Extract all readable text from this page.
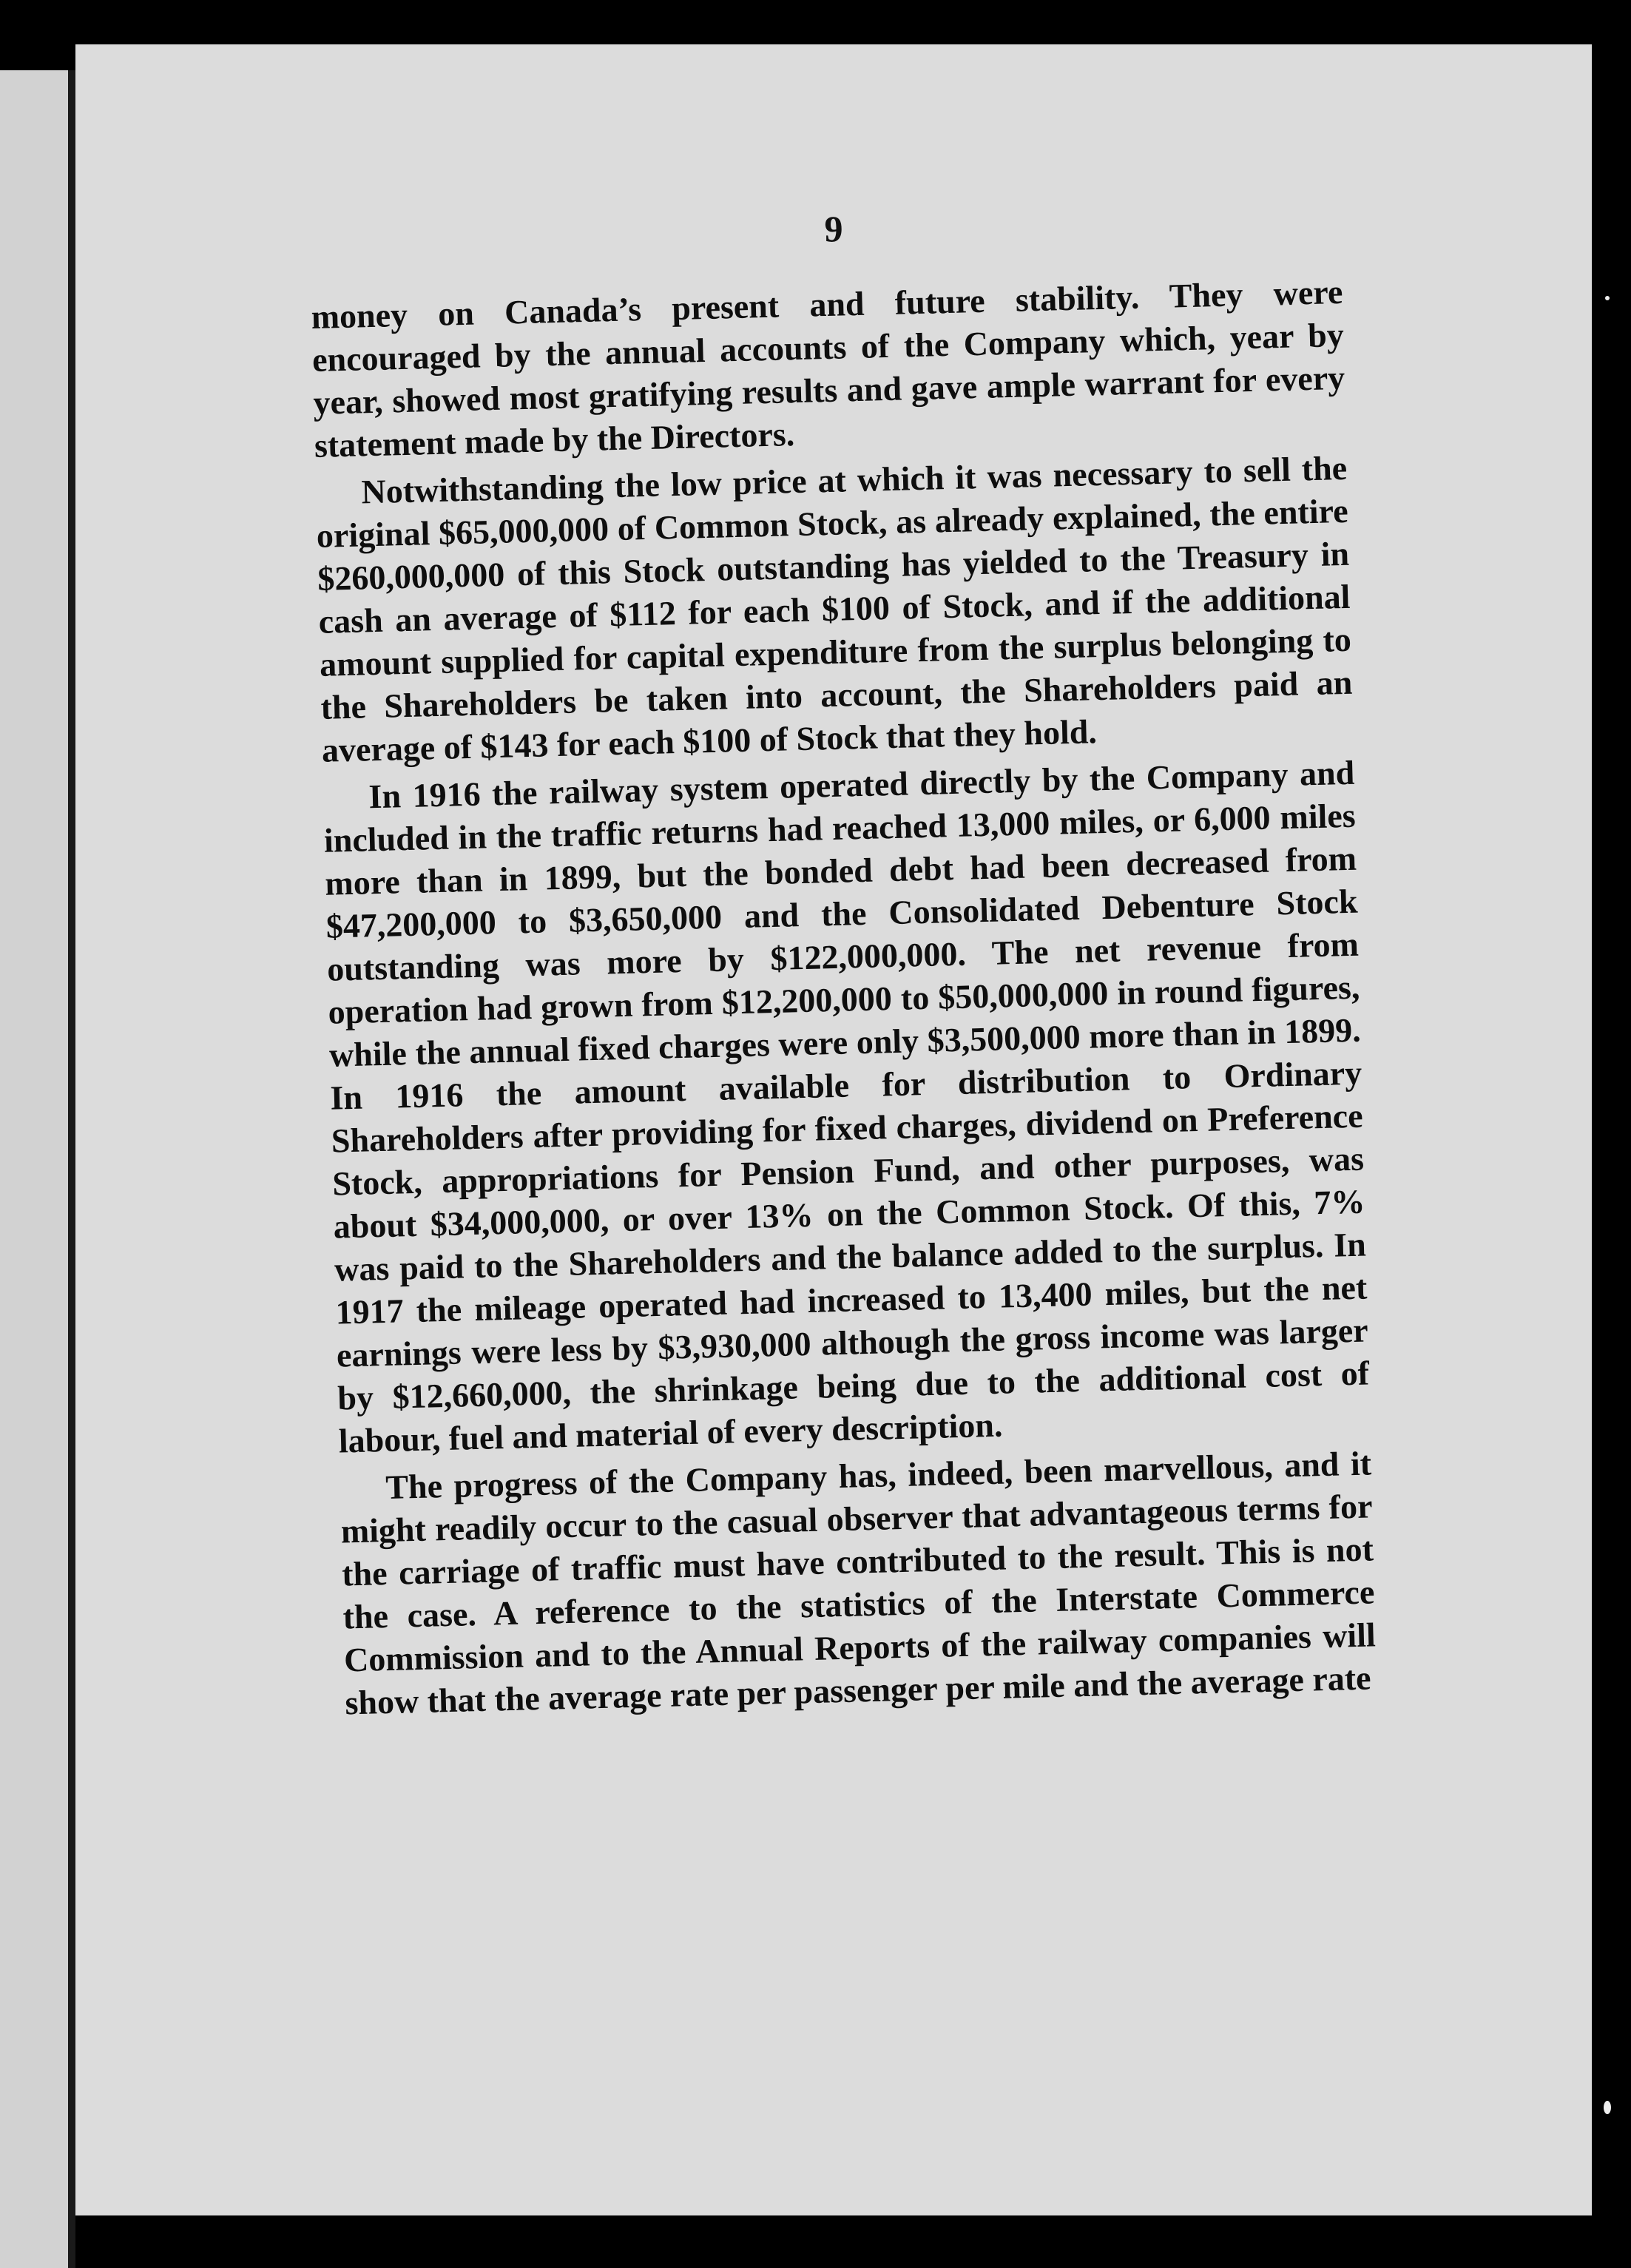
9

money on Canada’s present and future stability. They were encouraged by the annual accounts of the Company which, year by year, showed most gratifying results and gave ample warrant for every statement made by the Directors.

Notwithstanding the low price at which it was necessary to sell the original $65,000,000 of Common Stock, as already explained, the entire $260,000,000 of this Stock outstanding has yielded to the Treasury in cash an average of $112 for each $100 of Stock, and if the additional amount supplied for capital expenditure from the surplus belonging to the Shareholders be taken into account, the Shareholders paid an average of $143 for each $100 of Stock that they hold.

In 1916 the railway system operated directly by the Company and included in the traffic returns had reached 13,000 miles, or 6,000 miles more than in 1899, but the bonded debt had been decreased from $47,200,000 to $3,650,000 and the Consolidated Debenture Stock outstanding was more by $122,000,000. The net revenue from operation had grown from $12,200,000 to $50,000,000 in round figures, while the annual fixed charges were only $3,500,000 more than in 1899. In 1916 the amount available for distribution to Ordinary Shareholders after providing for fixed charges, dividend on Preference Stock, appropriations for Pension Fund, and other purposes, was about $34,000,000, or over 13% on the Common Stock. Of this, 7% was paid to the Shareholders and the balance added to the surplus. In 1917 the mileage operated had increased to 13,400 miles, but the net earnings were less by $3,930,000 although the gross income was larger by $12,660,000, the shrinkage being due to the additional cost of labour, fuel and material of every description.

The progress of the Company has, indeed, been marvellous, and it might readily occur to the casual observer that advantageous terms for the carriage of traffic must have contributed to the result. This is not the case. A reference to the statistics of the Interstate Commerce Commission and to the Annual Reports of the railway companies will show that the average rate per passenger per mile and the average rate
